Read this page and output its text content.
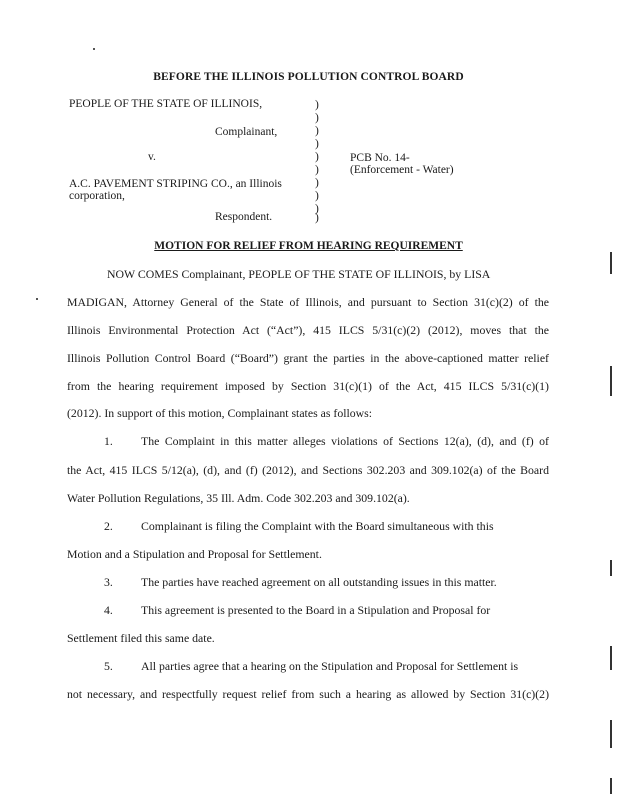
BEFORE THE ILLINOIS POLLUTION CONTROL BOARD
PEOPLE OF THE STATE OF ILLINOIS,
Complainant,
v.
A.C. PAVEMENT STRIPING CO., an Illinois
corporation,
Respondent.
PCB No. 14-
(Enforcement - Water)
)
)
)
)
)
)
)
)
)
)
MOTION FOR RELIEF FROM HEARING REQUIREMENT
NOW COMES Complainant, PEOPLE OF THE STATE OF ILLINOIS, by LISA
MADIGAN, Attorney General of the State of Illinois, and pursuant to Section 31(c)(2) of the
Illinois Environmental Protection Act (“Act”), 415 ILCS 5/31(c)(2) (2012), moves that the
Illinois Pollution Control Board (“Board”) grant the parties in the above-captioned matter relief
from the hearing requirement imposed by Section 31(c)(1) of the Act, 415 ILCS 5/31(c)(1)
(2012). In support of this motion, Complainant states as follows:
1. The Complaint in this matter alleges violations of Sections 12(a), (d), and (f) of
the Act, 415 ILCS 5/12(a), (d), and (f) (2012), and Sections 302.203 and 309.102(a) of the Board
Water Pollution Regulations, 35 Ill. Adm. Code 302.203 and 309.102(a).
2. Complainant is filing the Complaint with the Board simultaneous with this
Motion and a Stipulation and Proposal for Settlement.
3. The parties have reached agreement on all outstanding issues in this matter.
4. This agreement is presented to the Board in a Stipulation and Proposal for
Settlement filed this same date.
5. All parties agree that a hearing on the Stipulation and Proposal for Settlement is
not necessary, and respectfully request relief from such a hearing as allowed by Section 31(c)(2)
